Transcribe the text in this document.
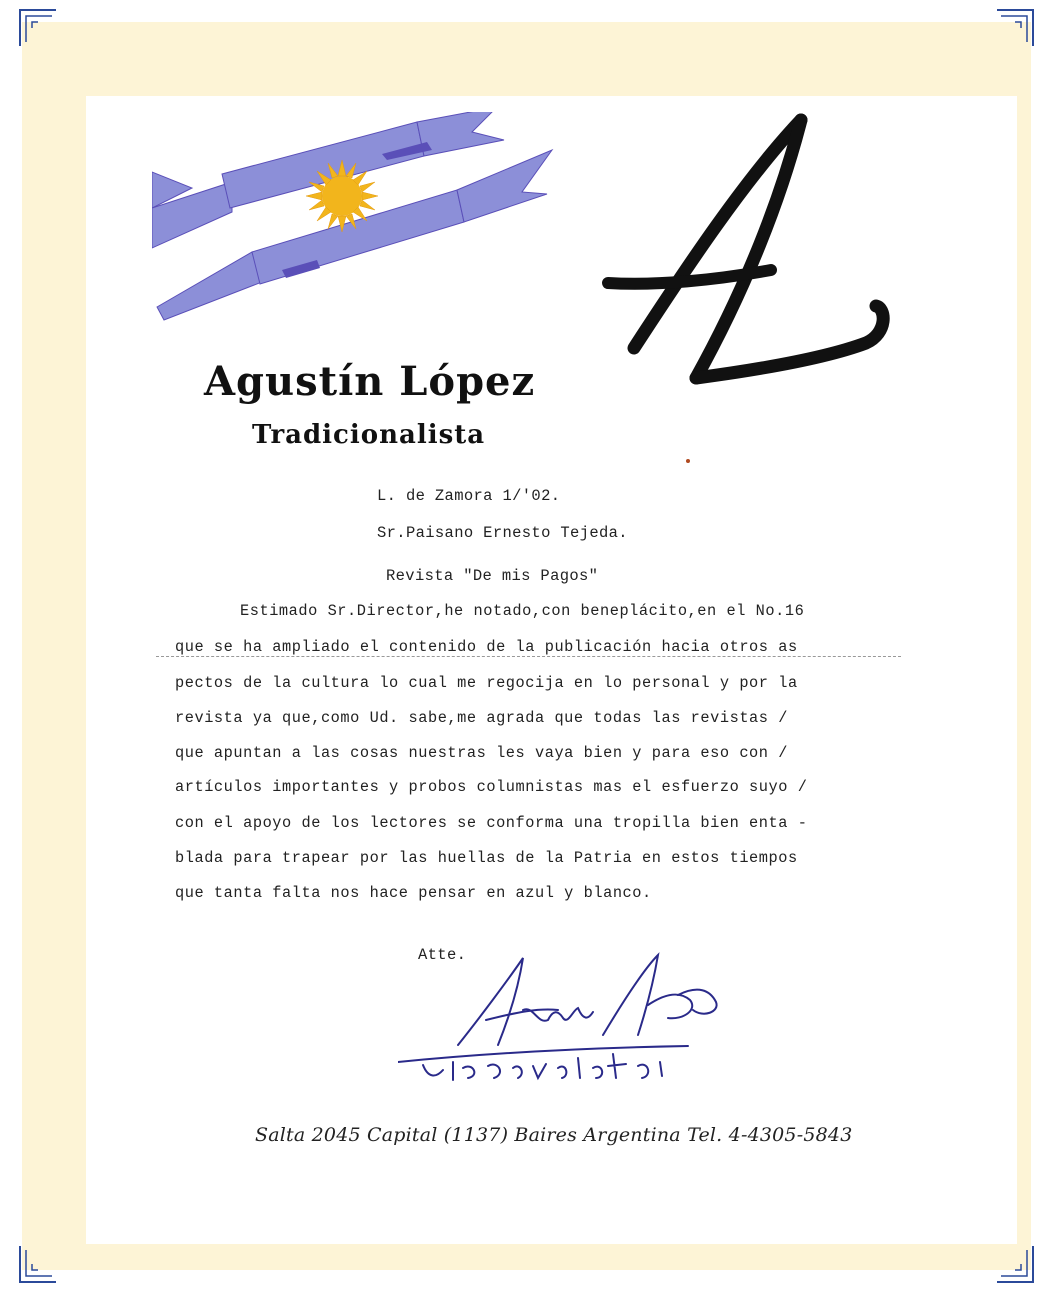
Agustín López
Tradicionalista
L. de Zamora 1/'02.
Sr.Paisano Ernesto Tejeda.
Revista "De mis Pagos"
Estimado Sr.Director,he notado,con beneplácito,en el No.16
que se ha ampliado el contenido de la publicación hacia otros as
pectos de la cultura lo cual me regocija en lo personal y por la
revista ya que,como Ud. sabe,me agrada que todas las revistas /
que apuntan a las cosas nuestras les vaya bien y para eso con /
artículos importantes y probos columnistas mas el esfuerzo suyo /
con el apoyo de los lectores se conforma una tropilla bien enta -
blada para trapear por las huellas de la Patria en estos tiempos
que tanta falta nos hace pensar en azul y blanco.
Atte.
Salta 2045 Capital (1137) Baires Argentina Tel. 4-4305-5843
